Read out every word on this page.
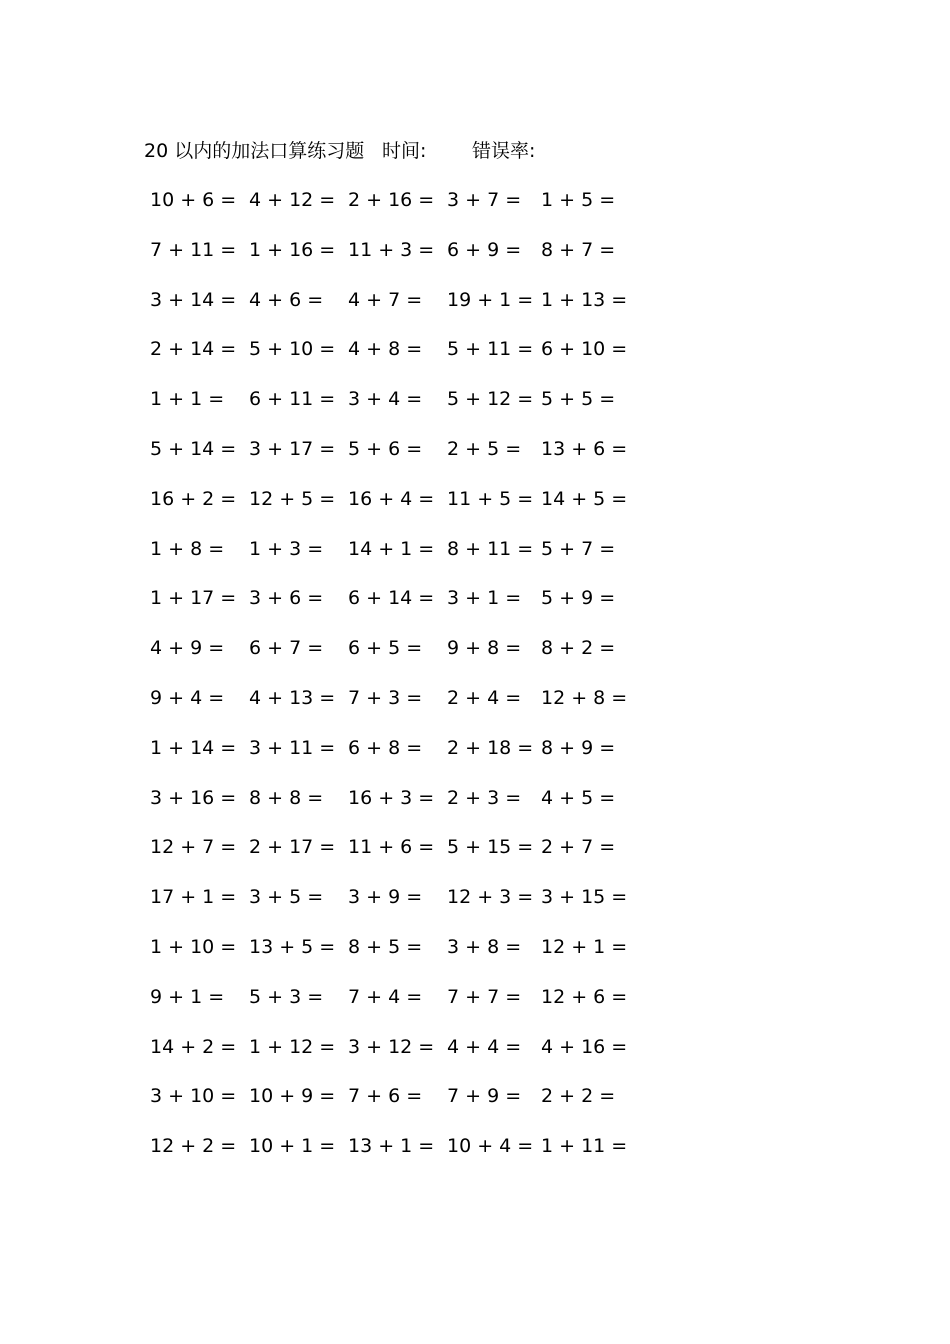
20 以内的加法口算练习题 时间: 错误率:
10 + 6 = 4 + 12 = 2 + 16 = 3 + 7 = 1 + 5 =
7 + 11 = 1 + 16 = 11 + 3 = 6 + 9 = 8 + 7 =
3 + 14 = 4 + 6 = 4 + 7 = 19 + 1 = 1 + 13 =
2 + 14 = 5 + 10 = 4 + 8 = 5 + 11 = 6 + 10 =
1 + 1 = 6 + 11 = 3 + 4 = 5 + 12 = 5 + 5 =
5 + 14 = 3 + 17 = 5 + 6 = 2 + 5 = 13 + 6 =
16 + 2 = 12 + 5 = 16 + 4 = 11 + 5 = 14 + 5 =
1 + 8 = 1 + 3 = 14 + 1 = 8 + 11 = 5 + 7 =
1 + 17 = 3 + 6 = 6 + 14 = 3 + 1 = 5 + 9 =
4 + 9 = 6 + 7 = 6 + 5 = 9 + 8 = 8 + 2 =
9 + 4 = 4 + 13 = 7 + 3 = 2 + 4 = 12 + 8 =
1 + 14 = 3 + 11 = 6 + 8 = 2 + 18 = 8 + 9 =
3 + 16 = 8 + 8 = 16 + 3 = 2 + 3 = 4 + 5 =
12 + 7 = 2 + 17 = 11 + 6 = 5 + 15 = 2 + 7 =
17 + 1 = 3 + 5 = 3 + 9 = 12 + 3 = 3 + 15 =
1 + 10 = 13 + 5 = 8 + 5 = 3 + 8 = 12 + 1 =
9 + 1 = 5 + 3 = 7 + 4 = 7 + 7 = 12 + 6 =
14 + 2 = 1 + 12 = 3 + 12 = 4 + 4 = 4 + 16 =
3 + 10 = 10 + 9 = 7 + 6 = 7 + 9 = 2 + 2 =
12 + 2 = 10 + 1 = 13 + 1 = 10 + 4 = 1 + 11 =
